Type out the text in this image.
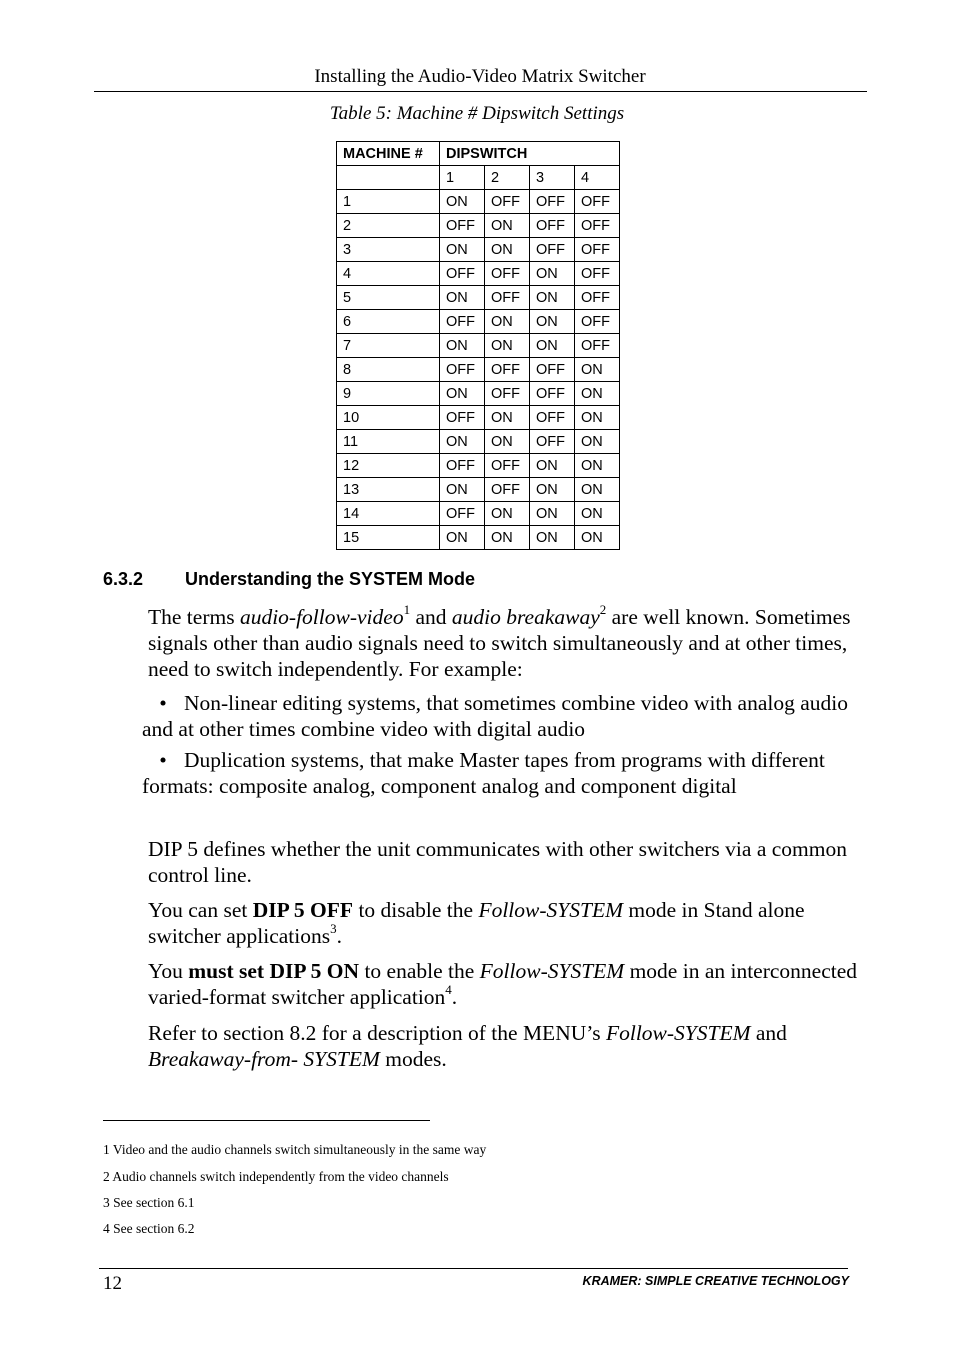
Installing the Audio-Video Matrix Switcher
Table 5: Machine # Dipswitch Settings
MACHINE #	DIPSWITCH			
	1	2	3	4
1	ON	OFF	OFF	OFF
2	OFF	ON	OFF	OFF
3	ON	ON	OFF	OFF
4	OFF	OFF	ON	OFF
5	ON	OFF	ON	OFF
6	OFF	ON	ON	OFF
7	ON	ON	ON	OFF
8	OFF	OFF	OFF	ON
9	ON	OFF	OFF	ON
10	OFF	ON	OFF	ON
11	ON	ON	OFF	ON
12	OFF	OFF	ON	ON
13	ON	OFF	ON	ON
14	OFF	ON	ON	ON
15	ON	ON	ON	ON
6.3.2 Understanding the SYSTEM Mode
The terms audio-follow-video$^1$ and audio breakaway$^2$ are well known. Sometimes signals other than audio signals need to switch simultaneously and at other times, need to switch independently. For example:
• Non-linear editing systems, that sometimes combine video with analog audio and at other times combine video with digital audio
• Duplication systems, that make Master tapes from programs with different formats: composite analog, component analog and component digital
DIP 5 defines whether the unit communicates with other switchers via a common control line.
You can set DIP 5 OFF to disable the Follow-SYSTEM mode in Stand alone switcher applications$^3$.
You must set DIP 5 ON to enable the Follow-SYSTEM mode in an interconnected varied-format switcher application$^4$.
Refer to section 8.2 for a description of the MENU’s Follow-SYSTEM and Breakaway-from- SYSTEM modes.
1 Video and the audio channels switch simultaneously in the same way
2 Audio channels switch independently from the video channels
3 See section 6.1
4 See section 6.2
12	KRAMER: SIMPLE CREATIVE TECHNOLOGY
